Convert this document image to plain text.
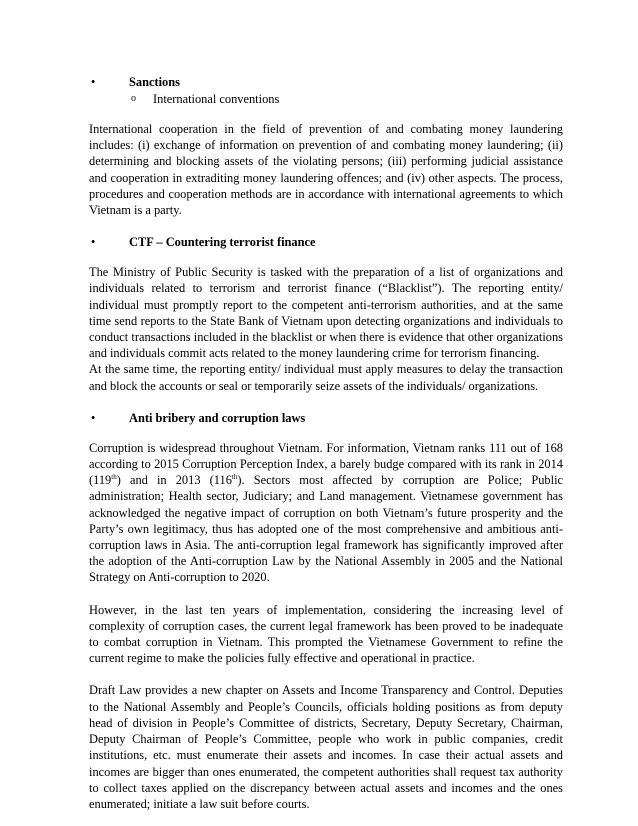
•	Sanctions
o International conventions

International cooperation in the field of prevention of and combating money laundering includes: (i) exchange of information on prevention of and combating money laundering; (ii) determining and blocking assets of the violating persons; (iii) performing judicial assistance and cooperation in extraditing money laundering offences; and (iv) other aspects. The process, procedures and cooperation methods are in accordance with international agreements to which Vietnam is a party.

•	CTF – Countering terrorist finance

The Ministry of Public Security is tasked with the preparation of a list of organizations and individuals related to terrorism and terrorist finance (“Blacklist”). The reporting entity/ individual must promptly report to the competent anti-terrorism authorities, and at the same time send reports to the State Bank of Vietnam upon detecting organizations and individuals to conduct transactions included in the blacklist or when there is evidence that other organizations and individuals commit acts related to the money laundering crime for terrorism financing.

At the same time, the reporting entity/ individual must apply measures to delay the transaction and block the accounts or seal or temporarily seize assets of the individuals/ organizations.

•	Anti bribery and corruption laws

Corruption is widespread throughout Vietnam. For information, Vietnam ranks 111 out of 168 according to 2015 Corruption Perception Index, a barely budge compared with its rank in 2014 (119th) and in 2013 (116th). Sectors most affected by corruption are Police; Public administration; Health sector, Judiciary; and Land management. Vietnamese government has acknowledged the negative impact of corruption on both Vietnam’s future prosperity and the Party’s own legitimacy, thus has adopted one of the most comprehensive and ambitious anti-corruption laws in Asia. The anti-corruption legal framework has significantly improved after the adoption of the Anti-corruption Law by the National Assembly in 2005 and the National Strategy on Anti-corruption to 2020.

However, in the last ten years of implementation, considering the increasing level of complexity of corruption cases, the current legal framework has been proved to be inadequate to combat corruption in Vietnam. This prompted the Vietnamese Government to refine the current regime to make the policies fully effective and operational in practice.

Draft Law provides a new chapter on Assets and Income Transparency and Control. Deputies to the National Assembly and People’s Councils, officials holding positions as from deputy head of division in People’s Committee of districts, Secretary, Deputy Secretary, Chairman, Deputy Chairman of People’s Committee, people who work in public companies, credit institutions, etc. must enumerate their assets and incomes. In case their actual assets and incomes are bigger than ones enumerated, the competent authorities shall request tax authority to collect taxes applied on the discrepancy between actual assets and incomes and the ones enumerated; initiate a law suit before courts.
